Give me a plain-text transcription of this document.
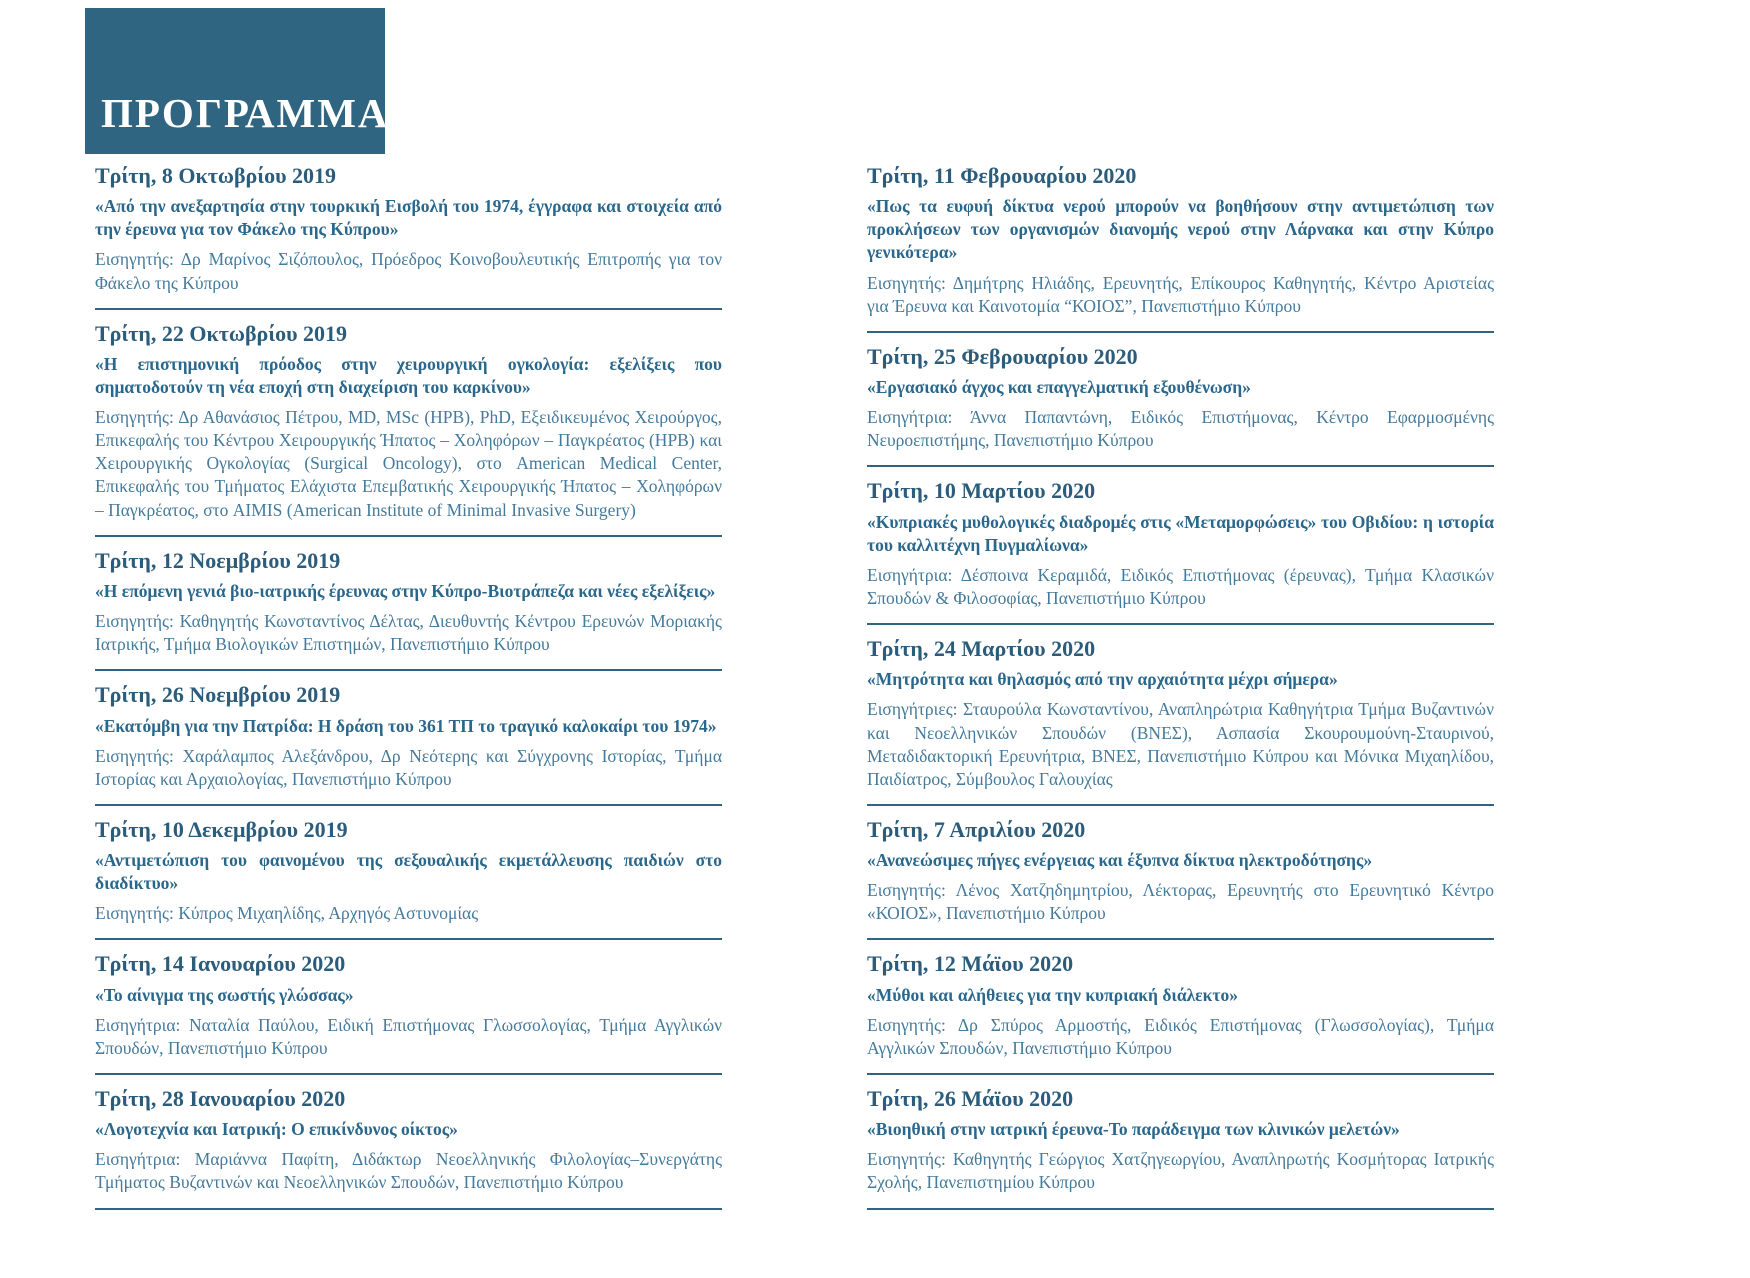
ΠΡΟΓΡΑΜΜΑ
Τρίτη, 8 Οκτωβρίου 2019

«Από την ανεξαρτησία στην τουρκική Εισβολή του 1974, έγγραφα και στοιχεία από την έρευνα για τον Φάκελο της Κύπρου»

Εισηγητής: Δρ Μαρίνος Σιζόπουλος, Πρόεδρος Κοινοβουλευτικής Επιτροπής για τον Φάκελο της Κύπρου

Τρίτη, 22 Οκτωβρίου 2019

«Η επιστημονική πρόοδος στην χειρουργική ογκολογία: εξελίξεις που σηματοδοτούν τη νέα εποχή στη διαχείριση του καρκίνου»

Εισηγητής: Δρ Αθανάσιος Πέτρου, MD, MSc (HPB), PhD, Εξειδικευμένος Χειρούργος, Επικεφαλής του Κέντρου Χειρουργικής Ήπατος – Χοληφόρων – Παγκρέατος (HPB) και Χειρουργικής Ογκολογίας (Surgical Oncology), στο American Medical Center, Επικεφαλής του Τμήματος Ελάχιστα Επεμβατικής Χειρουργικής Ήπατος – Χοληφόρων – Παγκρέατος, στο AIMIS (American Institute of Minimal Invasive Surgery)

Τρίτη, 12 Νοεμβρίου 2019

«Η επόμενη γενιά βιο-ιατρικής έρευνας στην Κύπρο-Βιοτράπεζα και νέες εξελίξεις»

Εισηγητής: Καθηγητής Κωνσταντίνος Δέλτας, Διευθυντής Κέντρου Ερευνών Μοριακής Ιατρικής, Τμήμα Βιολογικών Επιστημών, Πανεπιστήμιο Κύπρου

Τρίτη, 26 Νοεμβρίου 2019

«Εκατόμβη για την Πατρίδα: Η δράση του 361 ΤΠ το τραγικό καλοκαίρι του 1974»

Εισηγητής: Χαράλαμπος Αλεξάνδρου, Δρ Νεότερης και Σύγχρονης Ιστορίας, Τμήμα Ιστορίας και Αρχαιολογίας, Πανεπιστήμιο Κύπρου

Τρίτη, 10 Δεκεμβρίου 2019

«Αντιμετώπιση του φαινομένου της σεξουαλικής εκμετάλλευσης παιδιών στο διαδίκτυο»

Εισηγητής: Κύπρος Μιχαηλίδης, Αρχηγός Αστυνομίας

Τρίτη, 14 Ιανουαρίου 2020

«Το αίνιγμα της σωστής γλώσσας»

Εισηγήτρια: Ναταλία Παύλου, Ειδική Επιστήμονας Γλωσσολογίας, Τμήμα Αγγλικών Σπουδών, Πανεπιστήμιο Κύπρου

Τρίτη, 28 Ιανουαρίου 2020

«Λογοτεχνία και Ιατρική: Ο επικίνδυνος οίκτος»

Εισηγήτρια: Μαριάννα Παφίτη, Διδάκτωρ Νεοελληνικής Φιλολογίας–Συνεργάτης Τμήματος Βυζαντινών και Νεοελληνικών Σπουδών, Πανεπιστήμιο Κύπρου

Τρίτη, 11 Φεβρουαρίου 2020

«Πως τα ευφυή δίκτυα νερού μπορούν να βοηθήσουν στην αντιμετώπιση των προκλήσεων των οργανισμών διανομής νερού στην Λάρνακα και στην Κύπρο γενικότερα»

Εισηγητής: Δημήτρης Ηλιάδης, Ερευνητής, Επίκουρος Καθηγητής, Κέντρο Αριστείας για Έρευνα και Καινοτομία “ΚΟΙΟΣ”, Πανεπιστήμιο Κύπρου

Τρίτη, 25 Φεβρουαρίου 2020

«Εργασιακό άγχος και επαγγελματική εξουθένωση»

Εισηγήτρια: Άννα Παπαντώνη, Ειδικός Επιστήμονας, Κέντρο Εφαρμοσμένης Νευροεπιστήμης, Πανεπιστήμιο Κύπρου

Τρίτη, 10 Μαρτίου 2020

«Κυπριακές μυθολογικές διαδρομές στις «Μεταμορφώσεις» του Οβιδίου: η ιστορία του καλλιτέχνη Πυγμαλίωνα»

Εισηγήτρια: Δέσποινα Κεραμιδά, Ειδικός Επιστήμονας (έρευνας), Τμήμα Κλασικών Σπουδών & Φιλοσοφίας, Πανεπιστήμιο Κύπρου

Τρίτη, 24 Μαρτίου 2020

«Μητρότητα και θηλασμός από την αρχαιότητα μέχρι σήμερα»

Εισηγήτριες: Σταυρούλα Κωνσταντίνου, Αναπληρώτρια Καθηγήτρια Τμήμα Βυζαντινών και Νεοελληνικών Σπουδών (ΒΝΕΣ), Ασπασία Σκουρουμούνη-Σταυρινού, Μεταδιδακτορική Ερευνήτρια, ΒΝΕΣ, Πανεπιστήμιο Κύπρου και Μόνικα Μιχαηλίδου, Παιδίατρος, Σύμβουλος Γαλουχίας

Τρίτη, 7 Απριλίου 2020

«Ανανεώσιμες πήγες ενέργειας και έξυπνα δίκτυα ηλεκτροδότησης»

Εισηγητής: Λένος Χατζηδημητρίου, Λέκτορας, Ερευνητής στο Ερευνητικό Κέντρο «ΚΟΙΟΣ», Πανεπιστήμιο Κύπρου

Τρίτη, 12 Μάϊου 2020

«Μύθοι και αλήθειες για την κυπριακή διάλεκτο»

Εισηγητής: Δρ Σπύρος Αρμοστής, Ειδικός Επιστήμονας (Γλωσσολογίας), Τμήμα Αγγλικών Σπουδών, Πανεπιστήμιο Κύπρου

Τρίτη, 26 Μάϊου 2020

«Βιοηθική στην ιατρική έρευνα-Το παράδειγμα των κλινικών μελετών»

Εισηγητής: Καθηγητής Γεώργιος Χατζηγεωργίου, Αναπληρωτής Κοσμήτορας Ιατρικής Σχολής, Πανεπιστημίου Κύπρου
